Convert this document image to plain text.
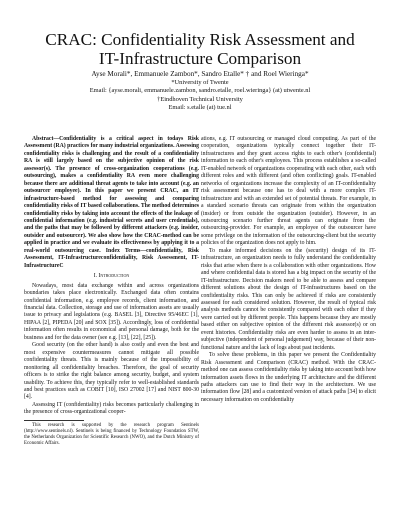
CRAC: Confidentiality Risk Assessment and
IT-Infrastructure Comparison
Ayse Morali*, Emmanuele Zambon*, Sandro Etalle* † and Roel Wieringa*
*University of Twente
Email: {ayse.morali, emmanuele.zambon, sandro.etalle, roel.wieringa} (at) utwente.nl
†Eindhoven Technical University
Email: s.etalle (at) tue.nl

Abstract—Confidentiality is a critical aspect in todays Risk Assessment (RA) practices for many industrial organizations. Assessing confidentiality risks is challenging and the result of a confidentiality RA is still largely based on the subjective opinion of the risk assessor(s). The presence of cross-organization cooperations (e.g. outsourcing), makes a confidentiality RA even more challenging because there are additional threat agents to take into account (e.g. an outsourcer employee). In this paper we present CRAC, an IT infrastructure-based method for assessing and comparing confidentiality risks of IT based collaborations. The method determines confidentiality risks by taking into account the effects of the leakage of confidential information (e.g. industrial secrets and user credentials), and the paths that may be followed by different attackers (e.g. insider, outsider and outsourcer). We also show how the CRAC-method can be applied in practice and we evaluate its effectiveness by applying it to a real-world outsourcing case. Index Terms—confidentiality, Risk Assessment, IT-Infrastructureconfidentiality, Risk Assessment, IT-InfrastructureC

I. Introduction

Nowadays, most data exchange within and across organizations boundaries takes place electronically. Exchanged data often contains confidential information, e.g. employee records, client information, and financial data. Collection, storage and use of information assets are usually issue to privacy and legislations (e.g. BASEL [3], Directive 95/46EC [1], HIPAA [2], PIPEDA [20] and SOX [35]). Accordingly, loss of confidential information often results in economical and personal damage, both for the business and for the data owner (see e.g. [13], [22], [25]).

Good security (on the other hand) is also costly and even the best and most expensive countermeasures cannot mitigate all possible confidentiality threats. This is mainly because of the impossibility of monitoring all confidentiality breaches. Therefore, the goal of security officers is to strike the right balance among security, budget, and system usability. To achieve this, they typically refer to well-established standards and best practices such as COBIT [10], ISO 27002 [17] and NIST 800-30 [4].

Assessing IT (confidentiality) risks becomes particularly challenging in the presence of cross-organizational cooper-

This research is supported by the research program Sentinels (http://www.sentinels.nl). Sentinels is being financed by Technology Foundation STW, the Netherlands Organization for Scientific Research (NWO), and the Dutch Ministry of Economic Affairs.

ations, e.g. IT outsourcing or managed cloud computing. As part of the cooperation, organizations typically connect together their IT-infrastructures and they grant access rights to each other's (confidential) information to each other's employees. This process establishes a so-called IT-enabled network of organizations cooperating with each other, each with different roles and with different (and often conflicting) goals. IT-enabled networks of organizations increase the complexity of an IT-confidentiality risk assessment because one has to deal with a more complex IT-infrastructure and with an extended set of potential threats. For example, in a standard scenario threats can originate from within the organization (insider) or from outside the organization (outsider). However, in an outsourcing scenario further threat agents can originate from the outsourcing-provider. For example, an employee of the outsourcer have some privilege on the information of the outsourcing-client but the security policies of the organization does not apply to him.

To make informed decisions on the (security) design of its IT-infrastructure, an organization needs to fully understand the confidentiality risks that arise when there is a collaboration with other organizations. How and where confidential data is stored has a big impact on the security of the IT-infrastructure. Decision makers need to be able to assess and compare different solutions about the design of IT-infrastructures based on the confidentiality risks. This can only be achieved if risks are consistently assessed for each considered solution. However, the result of typical risk analysis methods cannot be consistently compared with each other if they were carried out by different people. This happens because they are mostly based either on subjective opinion of the different risk assessor(s) or on event histories. Confidentiality risks are even harder to assess in an inter-subjective (independent of personal judgement) way, because of their non-functional nature and the lack of logs about past incidents.

To solve these problems, in this paper we present the Confidentiality Risk Assessment and Comparison (CRAC) method. With the CRAC-method one can assess confidentiality risks by taking into account both how information assets flows in the underlying IT architecture and the different paths attackers can use to find their way in the architecture. We use information flow [28] and a customized version of attack paths [34] to elicit necessary information on confidentiality
